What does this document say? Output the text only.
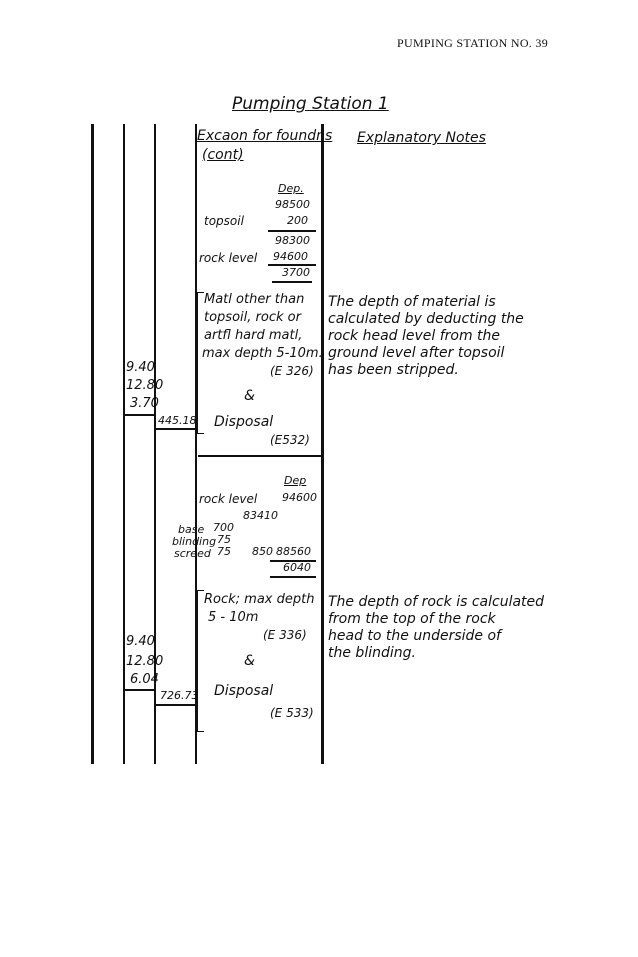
PUMPING STATION NO. 39
Pumping Station 1
Excaon for foundns
(cont)
Explanatory Notes
Dep.
98500
topsoil	200
98300
rock level 94600
3700
9.40
12.80
3.70
445.18
Matl other than
topsoil, rock or
artfl hard matl,
max depth 5-10m.
(E 326)
&
Disposal
(E532)
The depth of material is
calculated by deducting the
rock head level from the
ground level after topsoil
has been stripped.
Dep
rock level 94600
83410
base 700
blinding 75
screed 75 850 88560
6040
9.40
12.80
6.04
726.73
Rock; max depth
5 - 10m
(E 336)
&
Disposal
(E 533)
The depth of rock is calculated
from the top of the rock
head to the underside of
the blinding.
